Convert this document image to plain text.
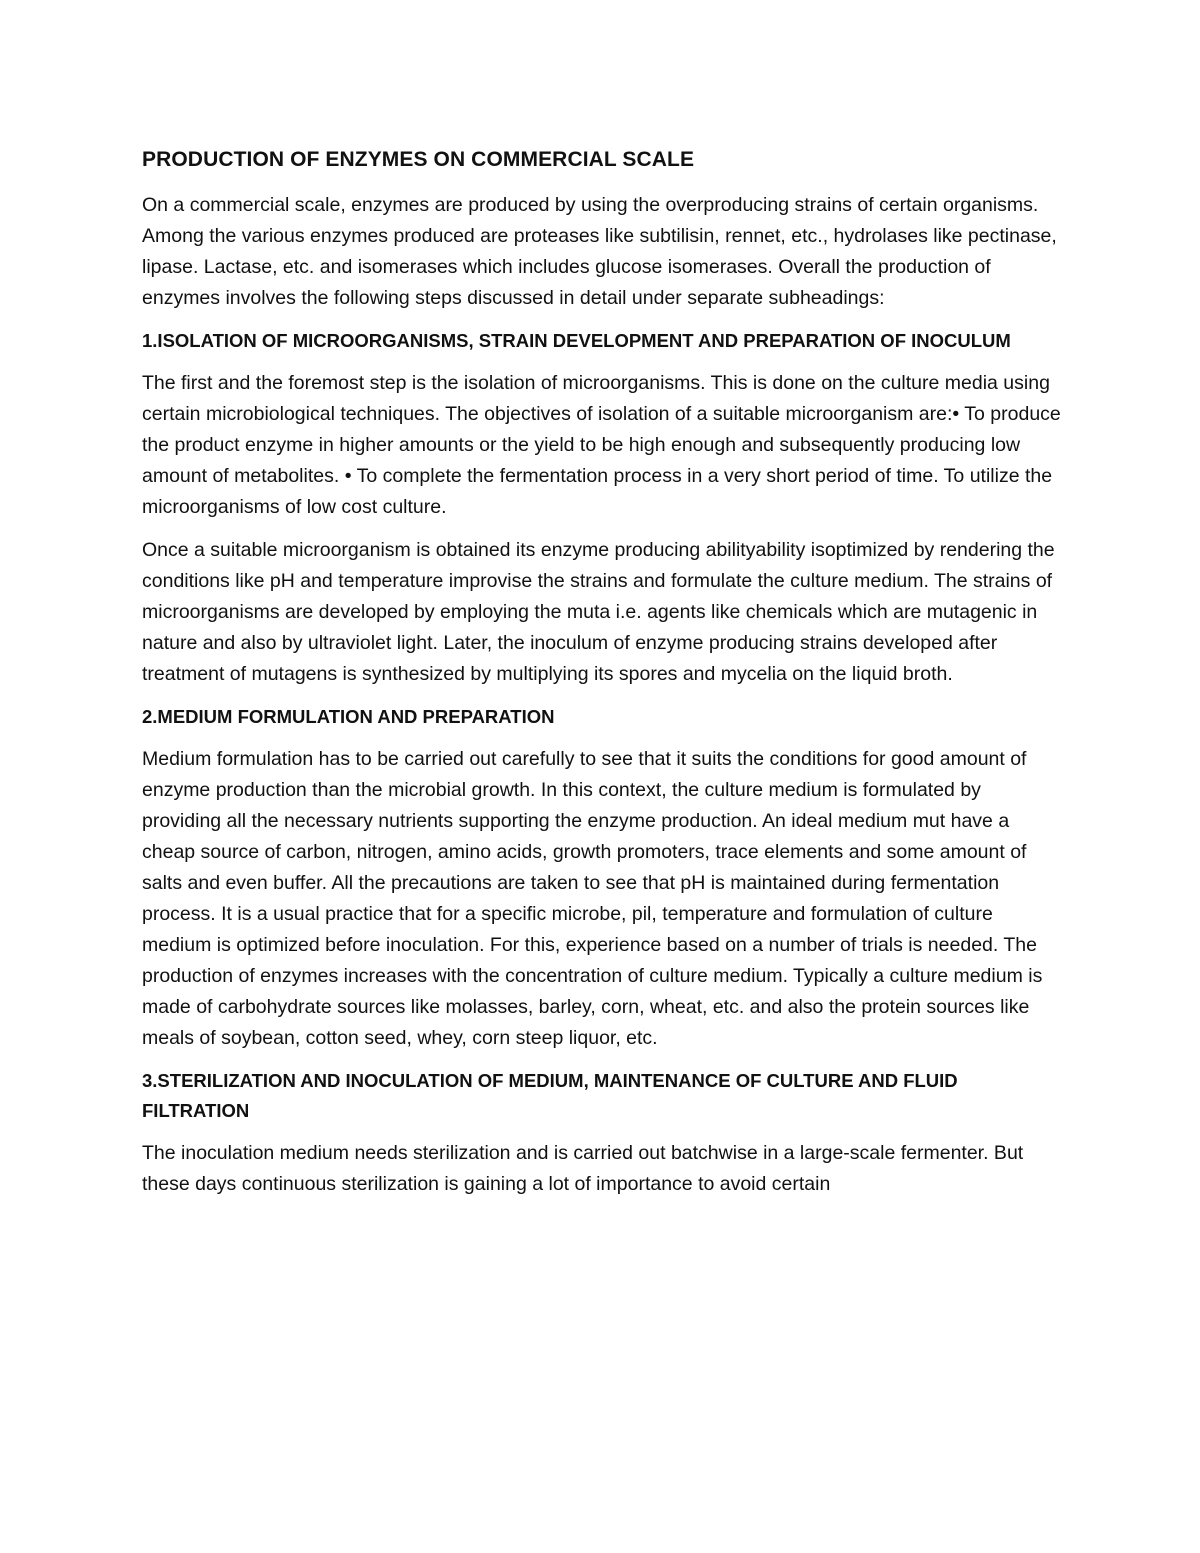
PRODUCTION OF ENZYMES ON COMMERCIAL SCALE

On a commercial scale, enzymes are produced by using the overproducing strains of certain organisms. Among the various enzymes produced are proteases like subtilisin, rennet, etc., hydrolases like pectinase, lipase. Lactase, etc. and isomerases which includes glucose isomerases. Overall the production of enzymes involves the following steps discussed in detail under separate subheadings:

1.ISOLATION OF MICROORGANISMS, STRAIN DEVELOPMENT AND PREPARATION OF INOCULUM

The first and the foremost step is the isolation of microorganisms. This is done on the culture media using certain microbiological techniques. The objectives of isolation of a suitable microorganism are:• To produce the product enzyme in higher amounts or the yield to be high enough and subsequently producing low amount of metabolites. • To complete the fermentation process in a very short period of time. To utilize the microorganisms of low cost culture.

Once a suitable microorganism is obtained its enzyme producing abilityability isoptimized by rendering the conditions like pH and temperature improvise the strains and formulate the culture medium. The strains of microorganisms are developed by employing the muta i.e. agents like chemicals which are mutagenic in nature and also by ultraviolet light. Later, the inoculum of enzyme producing strains developed after treatment of mutagens is synthesized by multiplying its spores and mycelia on the liquid broth.

2.MEDIUM FORMULATION AND PREPARATION

Medium formulation has to be carried out carefully to see that it suits the conditions for good amount of enzyme production than the microbial growth. In this context, the culture medium is formulated by providing all the necessary nutrients supporting the enzyme production. An ideal medium mut have a cheap source of carbon, nitrogen, amino acids, growth promoters, trace elements and some amount of salts and even buffer. All the precautions are taken to see that pH is maintained during fermentation process. It is a usual practice that for a specific microbe, pil, temperature and formulation of culture medium is optimized before inoculation. For this, experience based on a number of trials is needed. The production of enzymes increases with the concentration of culture medium. Typically a culture medium is made of carbohydrate sources like molasses, barley, corn, wheat, etc. and also the protein sources like meals of soybean, cotton seed, whey, corn steep liquor, etc.

3.STERILIZATION AND INOCULATION OF MEDIUM, MAINTENANCE OF CULTURE AND FLUID FILTRATION

The inoculation medium needs sterilization and is carried out batchwise in a large-scale fermenter. But these days continuous sterilization is gaining a lot of importance to avoid certain
